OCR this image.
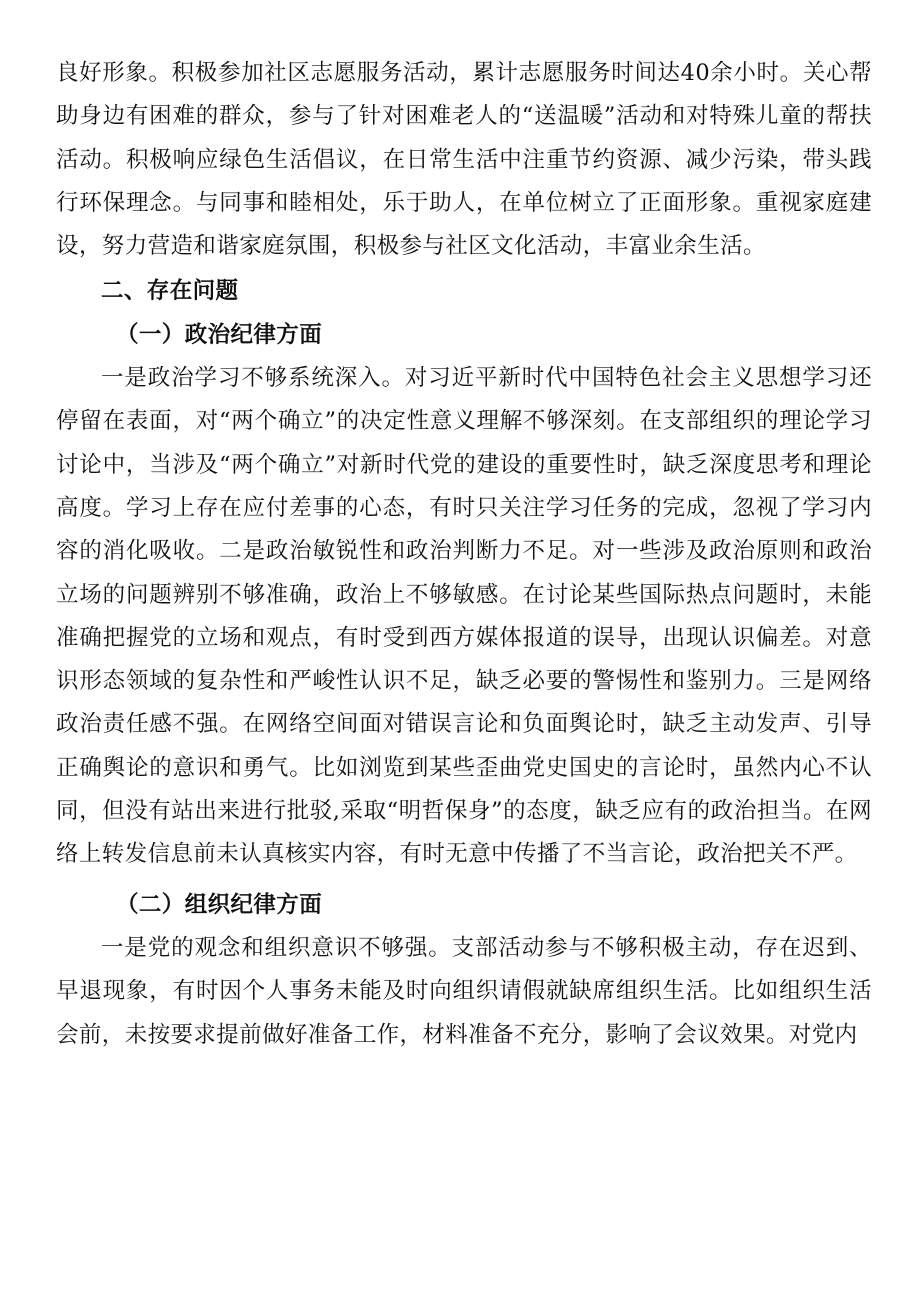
良好形象。积极参加社区志愿服务活动，累计志愿服务时间达40余小时。关心帮助身边有困难的群众，参与了针对困难老人的“送温暖”活动和对特殊儿童的帮扶活动。积极响应绿色生活倡议，在日常生活中注重节约资源、减少污染，带头践行环保理念。与同事和睦相处，乐于助人，在单位树立了正面形象。重视家庭建设，努力营造和谐家庭氛围，积极参与社区文化活动，丰富业余生活。

二、存在问题

（一）政治纪律方面

一是政治学习不够系统深入。对习近平新时代中国特色社会主义思想学习还停留在表面，对“两个确立”的决定性意义理解不够深刻。在支部组织的理论学习讨论中，当涉及“两个确立”对新时代党的建设的重要性时，缺乏深度思考和理论高度。学习上存在应付差事的心态，有时只关注学习任务的完成，忽视了学习内容的消化吸收。二是政治敏锐性和政治判断力不足。对一些涉及政治原则和政治立场的问题辨别不够准确，政治上不够敏感。在讨论某些国际热点问题时，未能准确把握党的立场和观点，有时受到西方媒体报道的误导，出现认识偏差。对意识形态领域的复杂性和严峻性认识不足，缺乏必要的警惕性和鉴别力。三是网络政治责任感不强。在网络空间面对错误言论和负面舆论时，缺乏主动发声、引导正确舆论的意识和勇气。比如浏览到某些歪曲党史国史的言论时，虽然内心不认同，但没有站出来进行批驳,采取“明哲保身”的态度，缺乏应有的政治担当。在网络上转发信息前未认真核实内容，有时无意中传播了不当言论，政治把关不严。

（二）组织纪律方面

一是党的观念和组织意识不够强。支部活动参与不够积极主动，存在迟到、早退现象，有时因个人事务未能及时向组织请假就缺席组织生活。比如组织生活会前，未按要求提前做好准备工作，材料准备不充分，影响了会议效果。对党内
